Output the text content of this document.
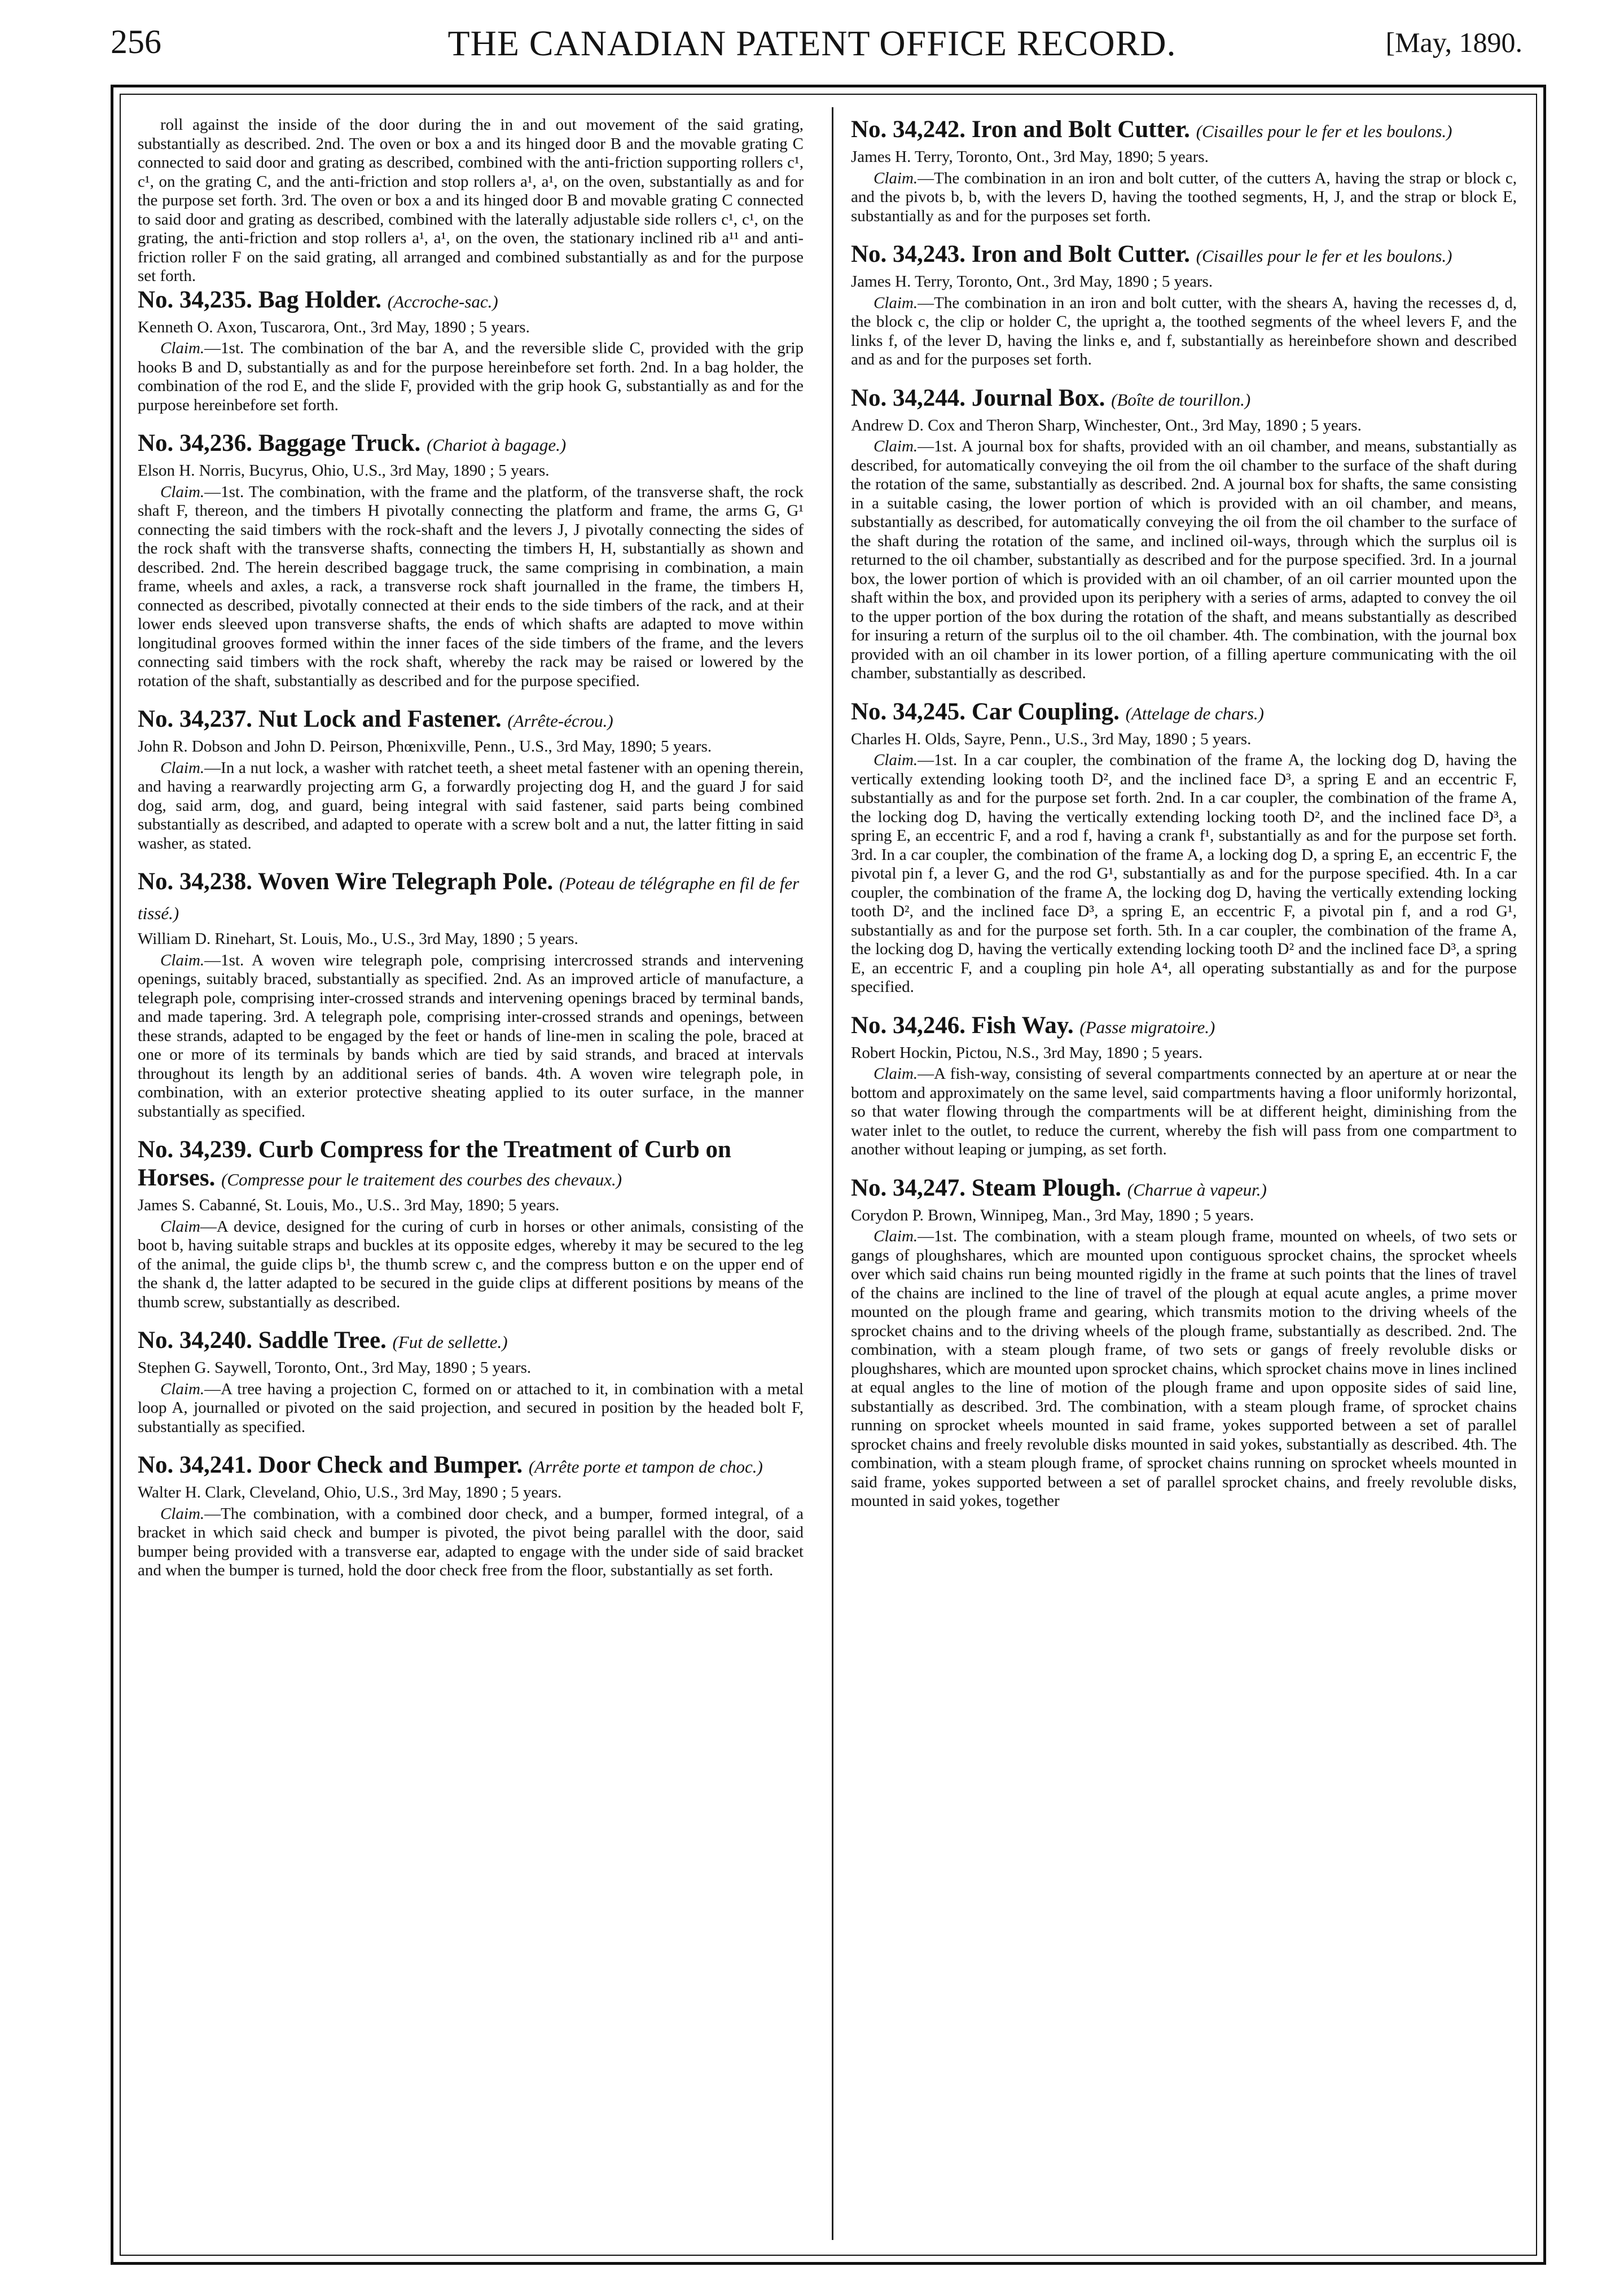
256	THE CANADIAN PATENT OFFICE RECORD.	[May, 1890.

roll against the inside of the door during the in and out movement of the said grating, substantially as described. 2nd. The oven or box a and its hinged door B and the movable grating C connected to said door and grating as described, combined with the anti-friction supporting rollers c¹, c¹, on the grating C, and the anti-friction and stop rollers a¹, a¹, on the oven, substantially as and for the purpose set forth. 3rd. The oven or box a and its hinged door B and movable grating C connected to said door and grating as described, combined with the laterally adjustable side rollers c¹, c¹, on the grating, the anti-friction and stop rollers a¹, a¹, on the oven, the stationary inclined rib a¹¹ and anti-friction roller F on the said grating, all arranged and combined substantially as and for the purpose set forth.

No. 34,235. Bag Holder. (Accroche-sac.)
Kenneth O. Axon, Tuscarora, Ont., 3rd May, 1890 ; 5 years.

Claim.—1st. The combination of the bar A, and the reversible slide C, provided with the grip hooks B and D, substantially as and for the purpose hereinbefore set forth. 2nd. In a bag holder, the combination of the rod E, and the slide F, provided with the grip hook G, substantially as and for the purpose hereinbefore set forth.

No. 34,236. Baggage Truck. (Chariot à bagage.)
Elson H. Norris, Bucyrus, Ohio, U.S., 3rd May, 1890 ; 5 years.

Claim.—1st. The combination, with the frame and the platform, of the transverse shaft, the rock shaft F, thereon, and the timbers H pivotally connecting the platform and frame, the arms G, G¹ connecting the said timbers with the rock-shaft and the levers J, J pivotally connecting the sides of the rock shaft with the transverse shafts, connecting the timbers H, H, substantially as shown and described. 2nd. The herein described baggage truck, the same comprising in combination, a main frame, wheels and axles, a rack, a transverse rock shaft journalled in the frame, the timbers H, connected as described, pivotally connected at their ends to the side timbers of the rack, and at their lower ends sleeved upon transverse shafts, the ends of which shafts are adapted to move within longitudinal grooves formed within the inner faces of the side timbers of the frame, and the levers connecting said timbers with the rock shaft, whereby the rack may be raised or lowered by the rotation of the shaft, substantially as described and for the purpose specified.

No. 34,237. Nut Lock and Fastener. (Arrête-écrou.)
John R. Dobson and John D. Peirson, Phœnixville, Penn., U.S., 3rd May, 1890; 5 years.

Claim.—In a nut lock, a washer with ratchet teeth, a sheet metal fastener with an opening therein, and having a rearwardly projecting arm G, a forwardly projecting dog H, and the guard J for said dog, said arm, dog, and guard, being integral with said fastener, said parts being combined substantially as described, and adapted to operate with a screw bolt and a nut, the latter fitting in said washer, as stated.

No. 34,238. Woven Wire Telegraph Pole. (Poteau de télégraphe en fil de fer tissé.)
William D. Rinehart, St. Louis, Mo., U.S., 3rd May, 1890 ; 5 years.

Claim.—1st. A woven wire telegraph pole, comprising intercrossed strands and intervening openings, suitably braced, substantially as specified. 2nd. As an improved article of manufacture, a telegraph pole, comprising inter-crossed strands and intervening openings braced by terminal bands, and made tapering. 3rd. A telegraph pole, comprising inter-crossed strands and openings, between these strands, adapted to be engaged by the feet or hands of line-men in scaling the pole, braced at one or more of its terminals by bands which are tied by said strands, and braced at intervals throughout its length by an additional series of bands. 4th. A woven wire telegraph pole, in combination, with an exterior protective sheating applied to its outer surface, in the manner substantially as specified.

No. 34,239. Curb Compress for the Treatment of Curb on Horses. (Compresse pour le traitement des courbes des chevaux.)
James S. Cabanné, St. Louis, Mo., U.S.. 3rd May, 1890; 5 years.

Claim—A device, designed for the curing of curb in horses or other animals, consisting of the boot b, having suitable straps and buckles at its opposite edges, whereby it may be secured to the leg of the animal, the guide clips b¹, the thumb screw c, and the compress button e on the upper end of the shank d, the latter adapted to be secured in the guide clips at different positions by means of the thumb screw, substantially as described.

No. 34,240. Saddle Tree. (Fut de sellette.)
Stephen G. Saywell, Toronto, Ont., 3rd May, 1890 ; 5 years.

Claim.—A tree having a projection C, formed on or attached to it, in combination with a metal loop A, journalled or pivoted on the said projection, and secured in position by the headed bolt F, substantially as specified.

No. 34,241. Door Check and Bumper. (Arrête porte et tampon de choc.)
Walter H. Clark, Cleveland, Ohio, U.S., 3rd May, 1890 ; 5 years.

Claim.—The combination, with a combined door check, and a bumper, formed integral, of a bracket in which said check and bumper is pivoted, the pivot being parallel with the door, said bumper being provided with a transverse ear, adapted to engage with the under side of said bracket and when the bumper is turned, hold the door check free from the floor, substantially as set forth.

No. 34,242. Iron and Bolt Cutter. (Cisailles pour le fer et les boulons.)
James H. Terry, Toronto, Ont., 3rd May, 1890; 5 years.

Claim.—The combination in an iron and bolt cutter, of the cutters A, having the strap or block c, and the pivots b, b, with the levers D, having the toothed segments, H, J, and the strap or block E, substantially as and for the purposes set forth.

No. 34,243. Iron and Bolt Cutter. (Cisailles pour le fer et les boulons.)
James H. Terry, Toronto, Ont., 3rd May, 1890 ; 5 years.

Claim.—The combination in an iron and bolt cutter, with the shears A, having the recesses d, d, the block c, the clip or holder C, the upright a, the toothed segments of the wheel levers F, and the links f, of the lever D, having the links e, and f, substantially as hereinbefore shown and described and as and for the purposes set forth.

No. 34,244. Journal Box. (Boîte de tourillon.)
Andrew D. Cox and Theron Sharp, Winchester, Ont., 3rd May, 1890 ; 5 years.

Claim.—1st. A journal box for shafts, provided with an oil chamber, and means, substantially as described, for automatically conveying the oil from the oil chamber to the surface of the shaft during the rotation of the same, substantially as described. 2nd. A journal box for shafts, the same consisting in a suitable casing, the lower portion of which is provided with an oil chamber, and means, substantially as described, for automatically conveying the oil from the oil chamber to the surface of the shaft during the rotation of the same, and inclined oil-ways, through which the surplus oil is returned to the oil chamber, substantially as described and for the purpose specified. 3rd. In a journal box, the lower portion of which is provided with an oil chamber, of an oil carrier mounted upon the shaft within the box, and provided upon its periphery with a series of arms, adapted to convey the oil to the upper portion of the box during the rotation of the shaft, and means substantially as described for insuring a return of the surplus oil to the oil chamber. 4th. The combination, with the journal box provided with an oil chamber in its lower portion, of a filling aperture communicating with the oil chamber, substantially as described.

No. 34,245. Car Coupling. (Attelage de chars.)
Charles H. Olds, Sayre, Penn., U.S., 3rd May, 1890 ; 5 years.

Claim.—1st. In a car coupler, the combination of the frame A, the locking dog D, having the vertically extending looking tooth D², and the inclined face D³, a spring E and an eccentric F, substantially as and for the purpose set forth. 2nd. In a car coupler, the combination of the frame A, the locking dog D, having the vertically extending locking tooth D², and the inclined face D³, a spring E, an eccentric F, and a rod f, having a crank f¹, substantially as and for the purpose set forth. 3rd. In a car coupler, the combination of the frame A, a locking dog D, a spring E, an eccentric F, the pivotal pin f, a lever G, and the rod G¹, substantially as and for the purpose specified. 4th. In a car coupler, the combination of the frame A, the locking dog D, having the vertically extending locking tooth D², and the inclined face D³, a spring E, an eccentric F, a pivotal pin f, and a rod G¹, substantially as and for the purpose set forth. 5th. In a car coupler, the combination of the frame A, the locking dog D, having the vertically extending locking tooth D² and the inclined face D³, a spring E, an eccentric F, and a coupling pin hole A⁴, all operating substantially as and for the purpose specified.

No. 34,246. Fish Way. (Passe migratoire.)
Robert Hockin, Pictou, N.S., 3rd May, 1890 ; 5 years.

Claim.—A fish-way, consisting of several compartments connected by an aperture at or near the bottom and approximately on the same level, said compartments having a floor uniformly horizontal, so that water flowing through the compartments will be at different height, diminishing from the water inlet to the outlet, to reduce the current, whereby the fish will pass from one compartment to another without leaping or jumping, as set forth.

No. 34,247. Steam Plough. (Charrue à vapeur.)
Corydon P. Brown, Winnipeg, Man., 3rd May, 1890 ; 5 years.

Claim.—1st. The combination, with a steam plough frame, mounted on wheels, of two sets or gangs of ploughshares, which are mounted upon contiguous sprocket chains, the sprocket wheels over which said chains run being mounted rigidly in the frame at such points that the lines of travel of the chains are inclined to the line of travel of the plough at equal acute angles, a prime mover mounted on the plough frame and gearing, which transmits motion to the driving wheels of the sprocket chains and to the driving wheels of the plough frame, substantially as described. 2nd. The combination, with a steam plough frame, of two sets or gangs of freely revoluble disks or ploughshares, which are mounted upon sprocket chains, which sprocket chains move in lines inclined at equal angles to the line of motion of the plough frame and upon opposite sides of said line, substantially as described. 3rd. The combination, with a steam plough frame, of sprocket chains running on sprocket wheels mounted in said frame, yokes supported between a set of parallel sprocket chains and freely revoluble disks mounted in said yokes, substantially as described. 4th. The combination, with a steam plough frame, of sprocket chains running on sprocket wheels mounted in said frame, yokes supported between a set of parallel sprocket chains, and freely revoluble disks, mounted in said yokes, together
